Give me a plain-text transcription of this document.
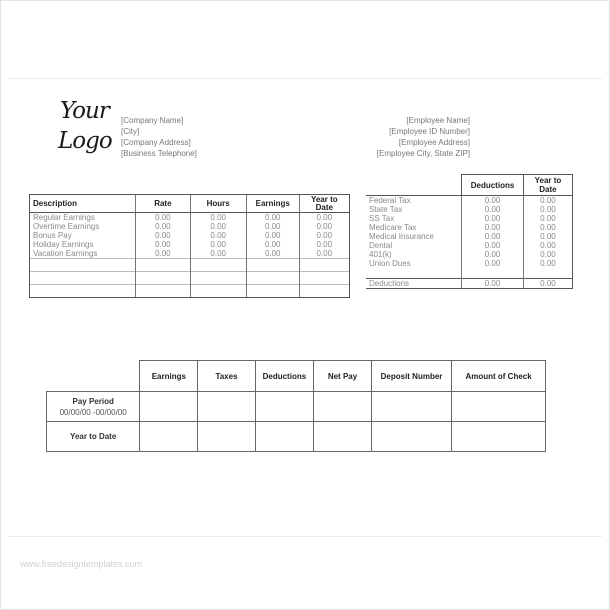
Your
Logo
[Company Name]
[City]
[Company Address]
[Business Telephone]
[Employee Name]
[Employee ID Number]
[Employee Address]
[Employee City, State ZIP]
Description	Rate	Hours	Earnings	Year to Date
Regular Earnings	0.00	0.00	0.00	0.00
Overtime Earnings	0.00	0.00	0.00	0.00
Bonus Pay	0.00	0.00	0.00	0.00
Holiday Earnings	0.00	0.00	0.00	0.00
Vacation Earnings	0.00	0.00	0.00	0.00

	Deductions	Year to Date
Federal Tax	0.00	0.00
State Tax	0.00	0.00
SS Tax	0.00	0.00
Medicare Tax	0.00	0.00
Medical Insurance	0.00	0.00
Dental	0.00	0.00
401(k)	0.00	0.00
Union Dues	0.00	0.00

Deductions	0.00	0.00
	Earnings	Taxes	Deductions	Net Pay	Deposit Number	Amount of Check

Pay Period
00/00/00 -00/00/00						

Year to Date						
www.freedesigntemplates.com
